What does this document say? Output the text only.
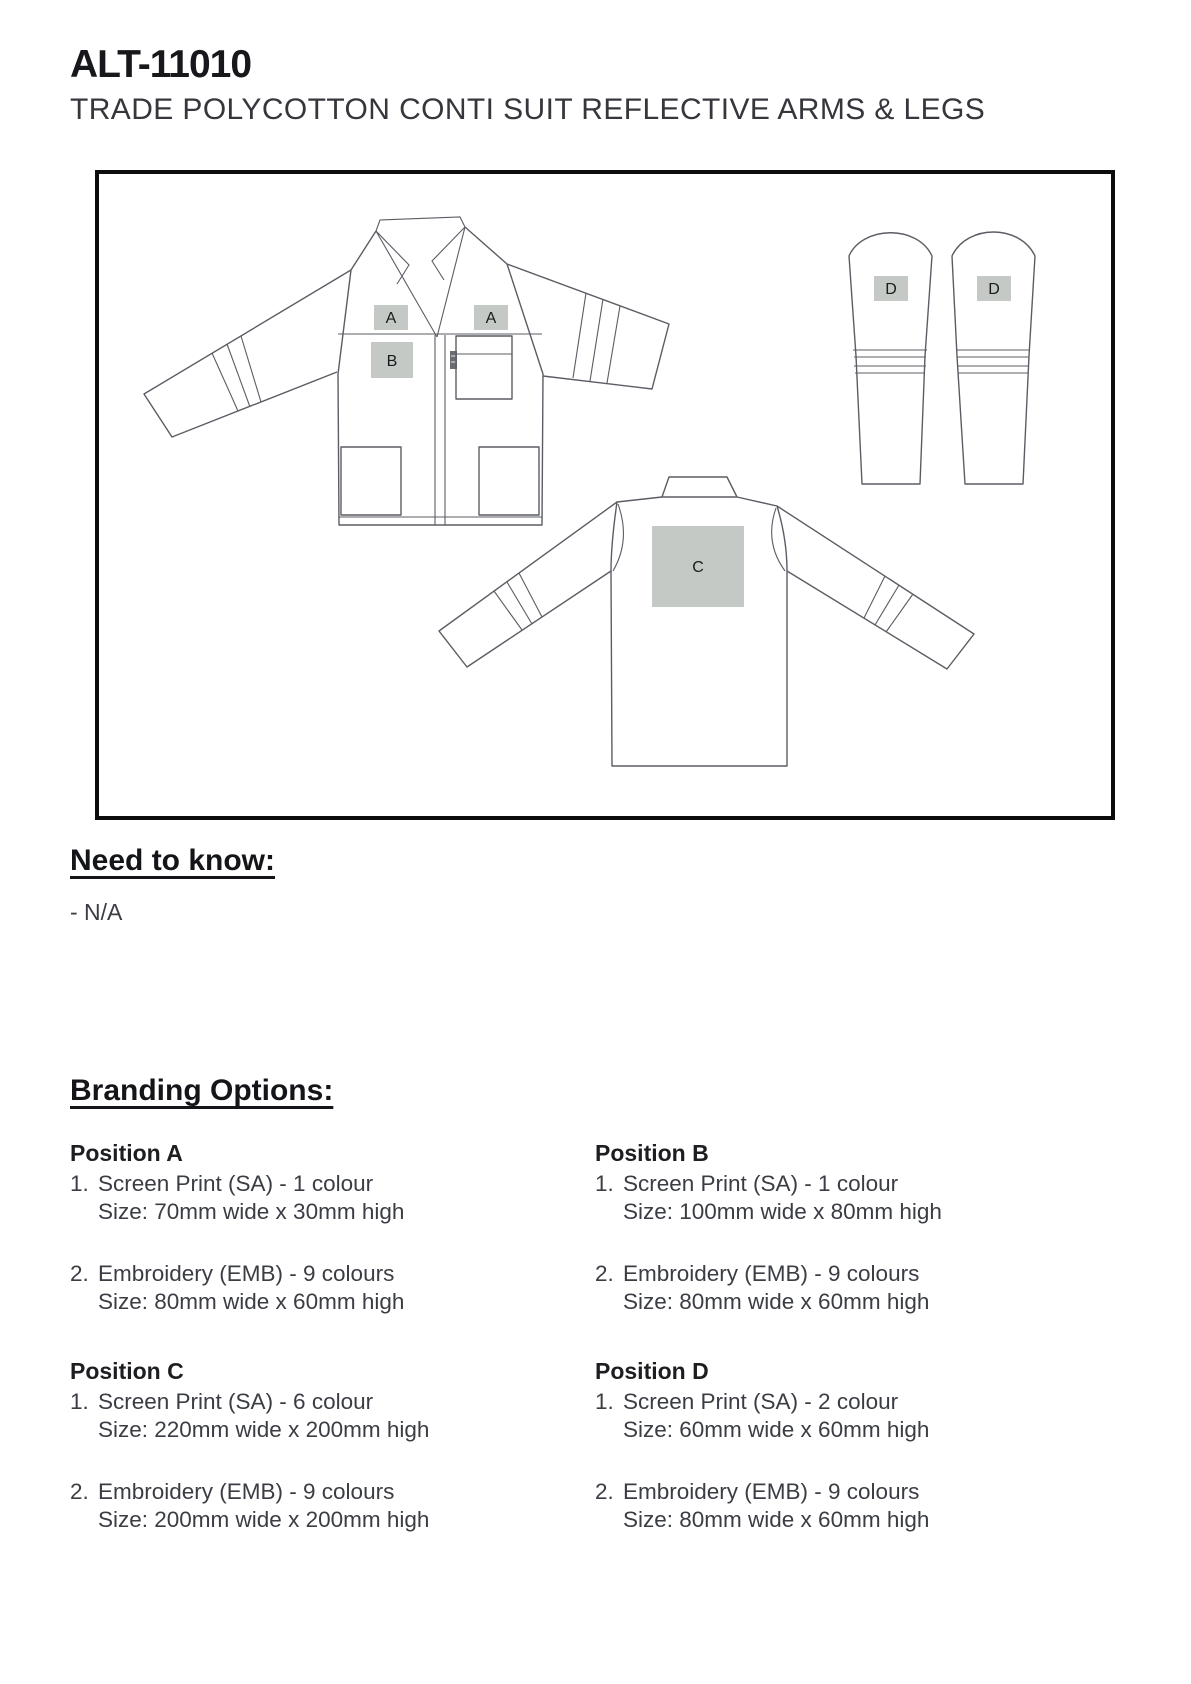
ALT-11010
TRADE POLYCOTTON CONTI SUIT REFLECTIVE ARMS & LEGS
A	A
B
D	D
C
Need to know:

- N/A

Branding Options:
Position A
1. Screen Print (SA) - 1 colour
Size: 70mm wide x 30mm high
2. Embroidery (EMB) - 9 colours
Size: 80mm wide x 60mm high
Position B
1. Screen Print (SA) - 1 colour
Size: 100mm wide x 80mm high
2. Embroidery (EMB) - 9 colours
Size: 80mm wide x 60mm high
Position C
1. Screen Print (SA) - 6 colour
Size: 220mm wide x 200mm high
2. Embroidery (EMB) - 9 colours
Size: 200mm wide x 200mm high
Position D
1. Screen Print (SA) - 2 colour
Size: 60mm wide x 60mm high
2. Embroidery (EMB) - 9 colours
Size: 80mm wide x 60mm high
